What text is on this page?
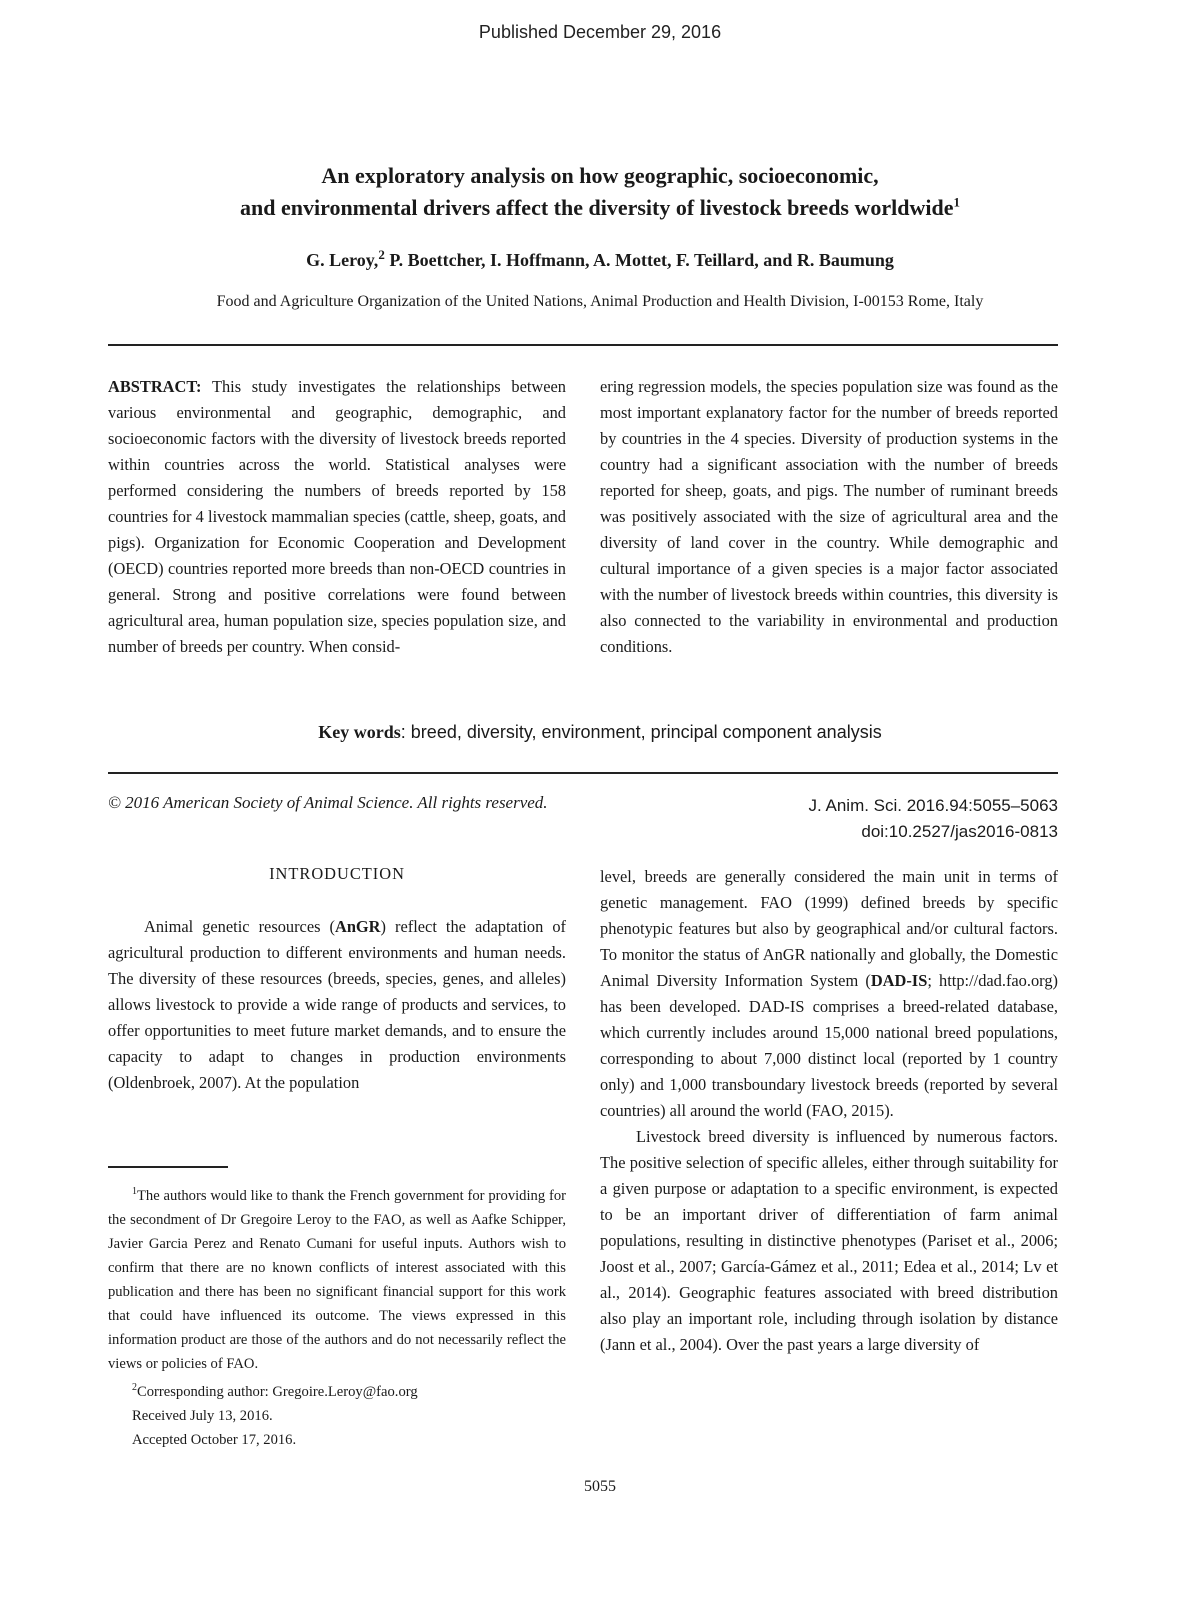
Published December 29, 2016
An exploratory analysis on how geographic, socioeconomic,
and environmental drivers affect the diversity of livestock breeds worldwide$^1$
G. Leroy,$^2$ P. Boettcher, I. Hoffmann, A. Mottet, F. Teillard, and R. Baumung
Food and Agriculture Organization of the United Nations, Animal Production and Health Division, I-00153 Rome, Italy
ABSTRACT: This study investigates the relationships between various environmental and geographic, demographic, and socioeconomic factors with the diversity of livestock breeds reported within countries across the world. Statistical analyses were performed considering the numbers of breeds reported by 158 countries for 4 livestock mammalian species (cattle, sheep, goats, and pigs). Organization for Economic Cooperation and Development (OECD) countries reported more breeds than non-OECD countries in general. Strong and positive correlations were found between agricultural area, human population size, species population size, and number of breeds per country. When consid-
ering regression models, the species population size was found as the most important explanatory factor for the number of breeds reported by countries in the 4 species. Diversity of production systems in the country had a significant association with the number of breeds reported for sheep, goats, and pigs. The number of ruminant breeds was positively associated with the size of agricultural area and the diversity of land cover in the country. While demographic and cultural importance of a given species is a major factor associated with the number of livestock breeds within countries, this diversity is also connected to the variability in environmental and production conditions.
Key words: breed, diversity, environment, principal component analysis
© 2016 American Society of Animal Science. All rights reserved.	J. Anim. Sci. 2016.94:5055–5063
doi:10.2527/jas2016-0813
INTRODUCTION
Animal genetic resources (AnGR) reflect the adaptation of agricultural production to different environments and human needs. The diversity of these resources (breeds, species, genes, and alleles) allows livestock to provide a wide range of products and services, to offer opportunities to meet future market demands, and to ensure the capacity to adapt to changes in production environments (Oldenbroek, 2007). At the population

$^1$The authors would like to thank the French government for providing for the secondment of Dr Gregoire Leroy to the FAO, as well as Aafke Schipper, Javier Garcia Perez and Renato Cumani for useful inputs. Authors wish to confirm that there are no known conflicts of interest associated with this publication and there has been no significant financial support for this work that could have influenced its outcome. The views expressed in this information product are those of the authors and do not necessarily reflect the views or policies of FAO.

$^2$Corresponding author: Gregoire.Leroy@fao.org

Received July 13, 2016.

Accepted October 17, 2016.

level, breeds are generally considered the main unit in terms of genetic management. FAO (1999) defined breeds by specific phenotypic features but also by geographical and/or cultural factors. To monitor the status of AnGR nationally and globally, the Domestic Animal Diversity Information System (DAD-IS; http://dad.fao.org) has been developed. DAD-IS comprises a breed-related database, which currently includes around 15,000 national breed populations, corresponding to about 7,000 distinct local (reported by 1 country only) and 1,000 transboundary livestock breeds (reported by several countries) all around the world (FAO, 2015).

Livestock breed diversity is influenced by numerous factors. The positive selection of specific alleles, either through suitability for a given purpose or adaptation to a specific environment, is expected to be an important driver of differentiation of farm animal populations, resulting in distinctive phenotypes (Pariset et al., 2006; Joost et al., 2007; García-Gámez et al., 2011; Edea et al., 2014; Lv et al., 2014). Geographic features associated with breed distribution also play an important role, including through isolation by distance (Jann et al., 2004). Over the past years a large diversity of

5055
